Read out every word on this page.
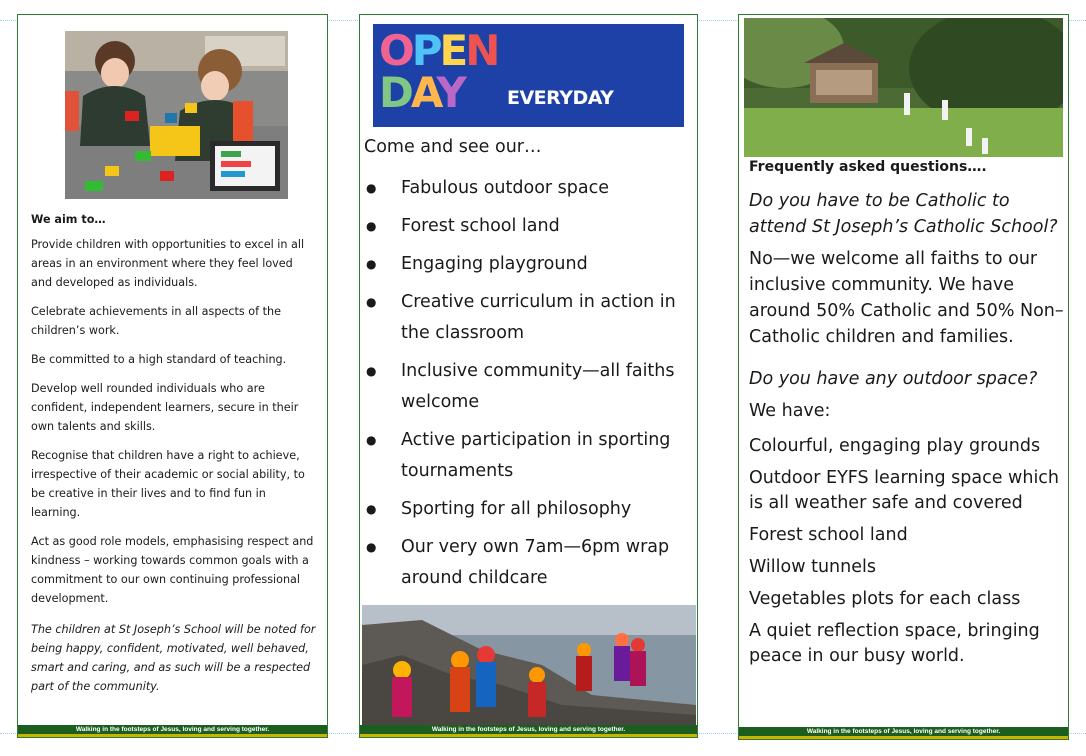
We aim to…

Provide children with opportunities to excel in all areas in an environment where they feel loved and developed as individuals.

Celebrate achievements in all aspects of the children’s work.

Be committed to a high standard of teaching.

Develop well rounded individuals who are confident, independent learners, secure in their own talents and skills.

Recognise that children have a right to achieve, irrespective of their academic or social ability, to be creative in their lives and to find fun in learning.

Act as good role models, emphasising respect and kindness – working towards common goals with a commitment to our own continuing professional development.

The children at St Joseph’s School will be noted for being happy, confident, motivated, well behaved, smart and caring, and as such will be a respected part of the community.

Walking in the footsteps of Jesus, loving and serving together.
OPEN
DAY EVERYDAY
Come and see our…
● Fabulous outdoor space
● Forest school land
● Engaging playground
● Creative curriculum in action in the classroom
● Inclusive community—all faiths welcome
● Active participation in sporting tournaments
● Sporting for all philosophy
● Our very own 7am—6pm wrap around childcare
Walking in the footsteps of Jesus, loving and serving together.

Frequently asked questions….

Do you have to be Catholic to attend St Joseph’s Catholic School?

No—we welcome all faiths to our inclusive community. We have around 50% Catholic and 50% Non–Catholic children and families.

Do you have any outdoor space?

We have:

Colourful, engaging play grounds
Outdoor EYFS learning space which is all weather safe and covered
Forest school land
Willow tunnels
Vegetables plots for each class
A quiet reflection space, bringing peace in our busy world.
Walking in the footsteps of Jesus, loving and serving together.
